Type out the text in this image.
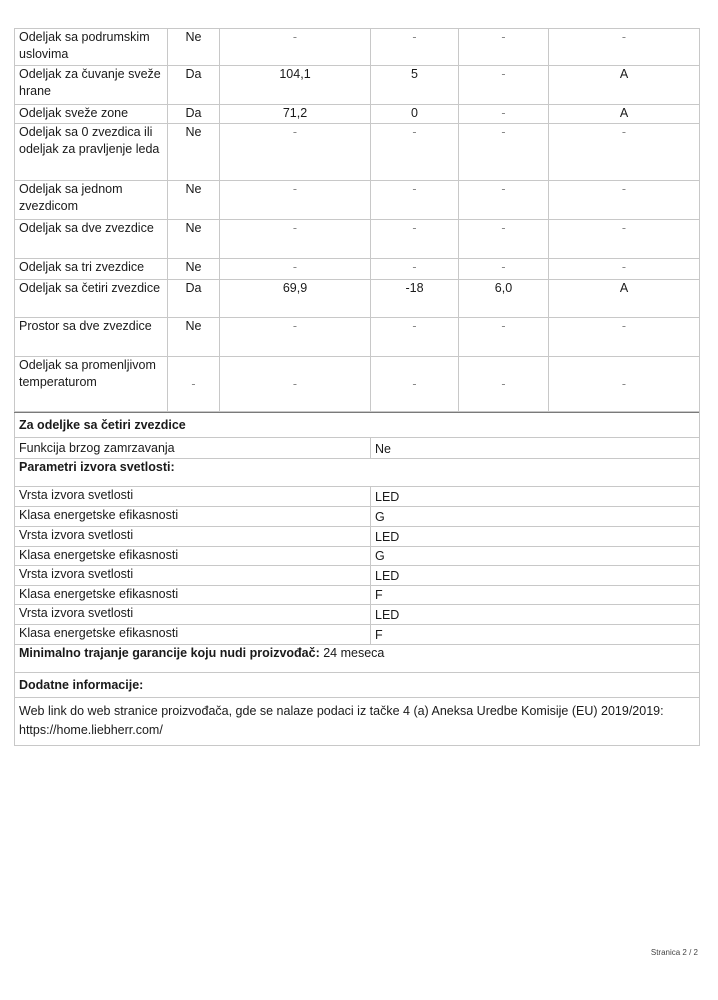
Odeljak sa podrumskim uslovima	Ne	-	-	-	-
Odeljak za čuvanje sveže hrane	Da	104,1	5	-	A
Odeljak sveže zone	Da	71,2	0	-	A
Odeljak sa 0 zvezdica ili odeljak za pravljenje leda	Ne	-	-	-	-
Odeljak sa jednom zvezdicom	Ne	-	-	-	-
Odeljak sa dve zvezdice	Ne	-	-	-	-
Odeljak sa tri zvezdice	Ne	-	-	-	-
Odeljak sa četiri zvezdice	Da	69,9	-18	6,0	A
Prostor sa dve zvezdice	Ne	-	-	-	-
Odeljak sa promenljivom temperaturom	-	-	-	-	-
Za odeljke sa četiri zvezdice	
Funkcija brzog zamrzavanja	Ne
Parametri izvora svetlosti:	
Vrsta izvora svetlosti	LED
Klasa energetske efikasnosti	G
Vrsta izvora svetlosti	LED
Klasa energetske efikasnosti	G
Vrsta izvora svetlosti	LED
Klasa energetske efikasnosti	F
Vrsta izvora svetlosti	LED
Klasa energetske efikasnosti	F
Minimalno trajanje garancije koju nudi proizvođač: 24 meseca	
Dodatne informacije:	
Web link do web stranice proizvođača, gde se nalaze podaci iz tačke 4 (a) Aneksa Uredbe Komisije (EU) 2019/2019: https://home.liebherr.com/	
Stranica 2 / 2
